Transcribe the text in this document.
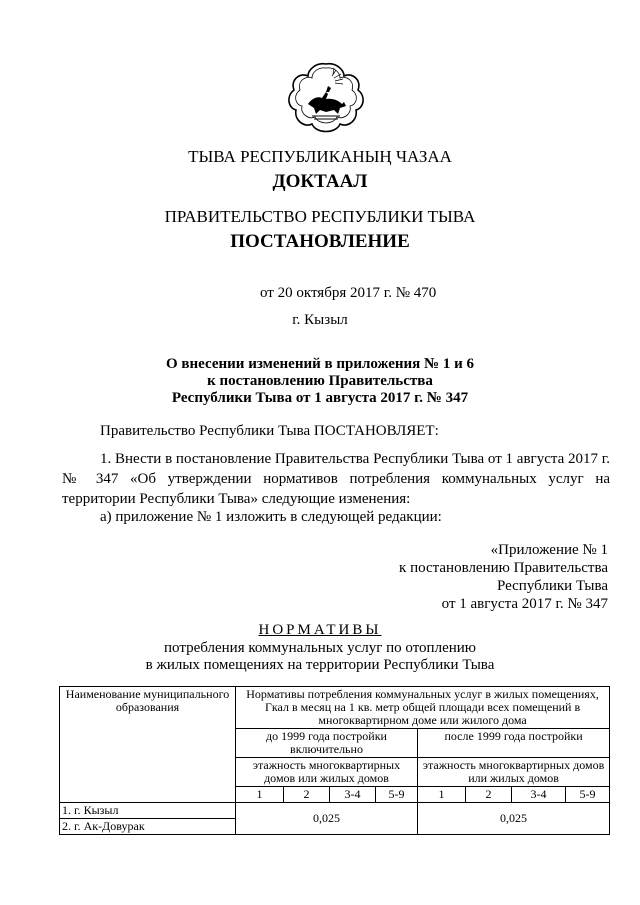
ТЫВА РЕСПУБЛИКАНЫҢ ЧАЗАА
ДОКТААЛ
ПРАВИТЕЛЬСТВО РЕСПУБЛИКИ ТЫВА
ПОСТАНОВЛЕНИЕ
от 20 октября 2017 г. № 470
г. Кызыл
О внесении изменений в приложения № 1 и 6
к постановлению Правительства
Республики Тыва от 1 августа 2017 г. № 347
Правительство Республики Тыва ПОСТАНОВЛЯЕТ:

1. Внести в постановление Правительства Республики Тыва от 1 августа 2017 г. № 347 «Об утверждении нормативов потребления коммунальных услуг на территории Республики Тыва» следующие изменения:

а) приложение № 1 изложить в следующей редакции:
«Приложение № 1
к постановлению Правительства
Республики Тыва
от 1 августа 2017 г. № 347
НОРМАТИВЫ
потребления коммунальных услуг по отоплению
в жилых помещениях на территории Республики Тыва
Наименование муниципального образования	Нормативы потребления коммунальных услуг в жилых помещениях, Гкал в месяц на 1 кв. метр общей площади всех помещений в многоквартирном доме или жилого дома							
	до 1999 года постройки включительно				после 1999 года постройки			
	этажность многоквартирных домов или жилых домов				этажность многоквартирных домов или жилых домов			
	1	2	3-4	5-9	1	2	3-4	5-9
1. г. Кызыл	0,025				0,025			
2. г. Ак-Довурак								
